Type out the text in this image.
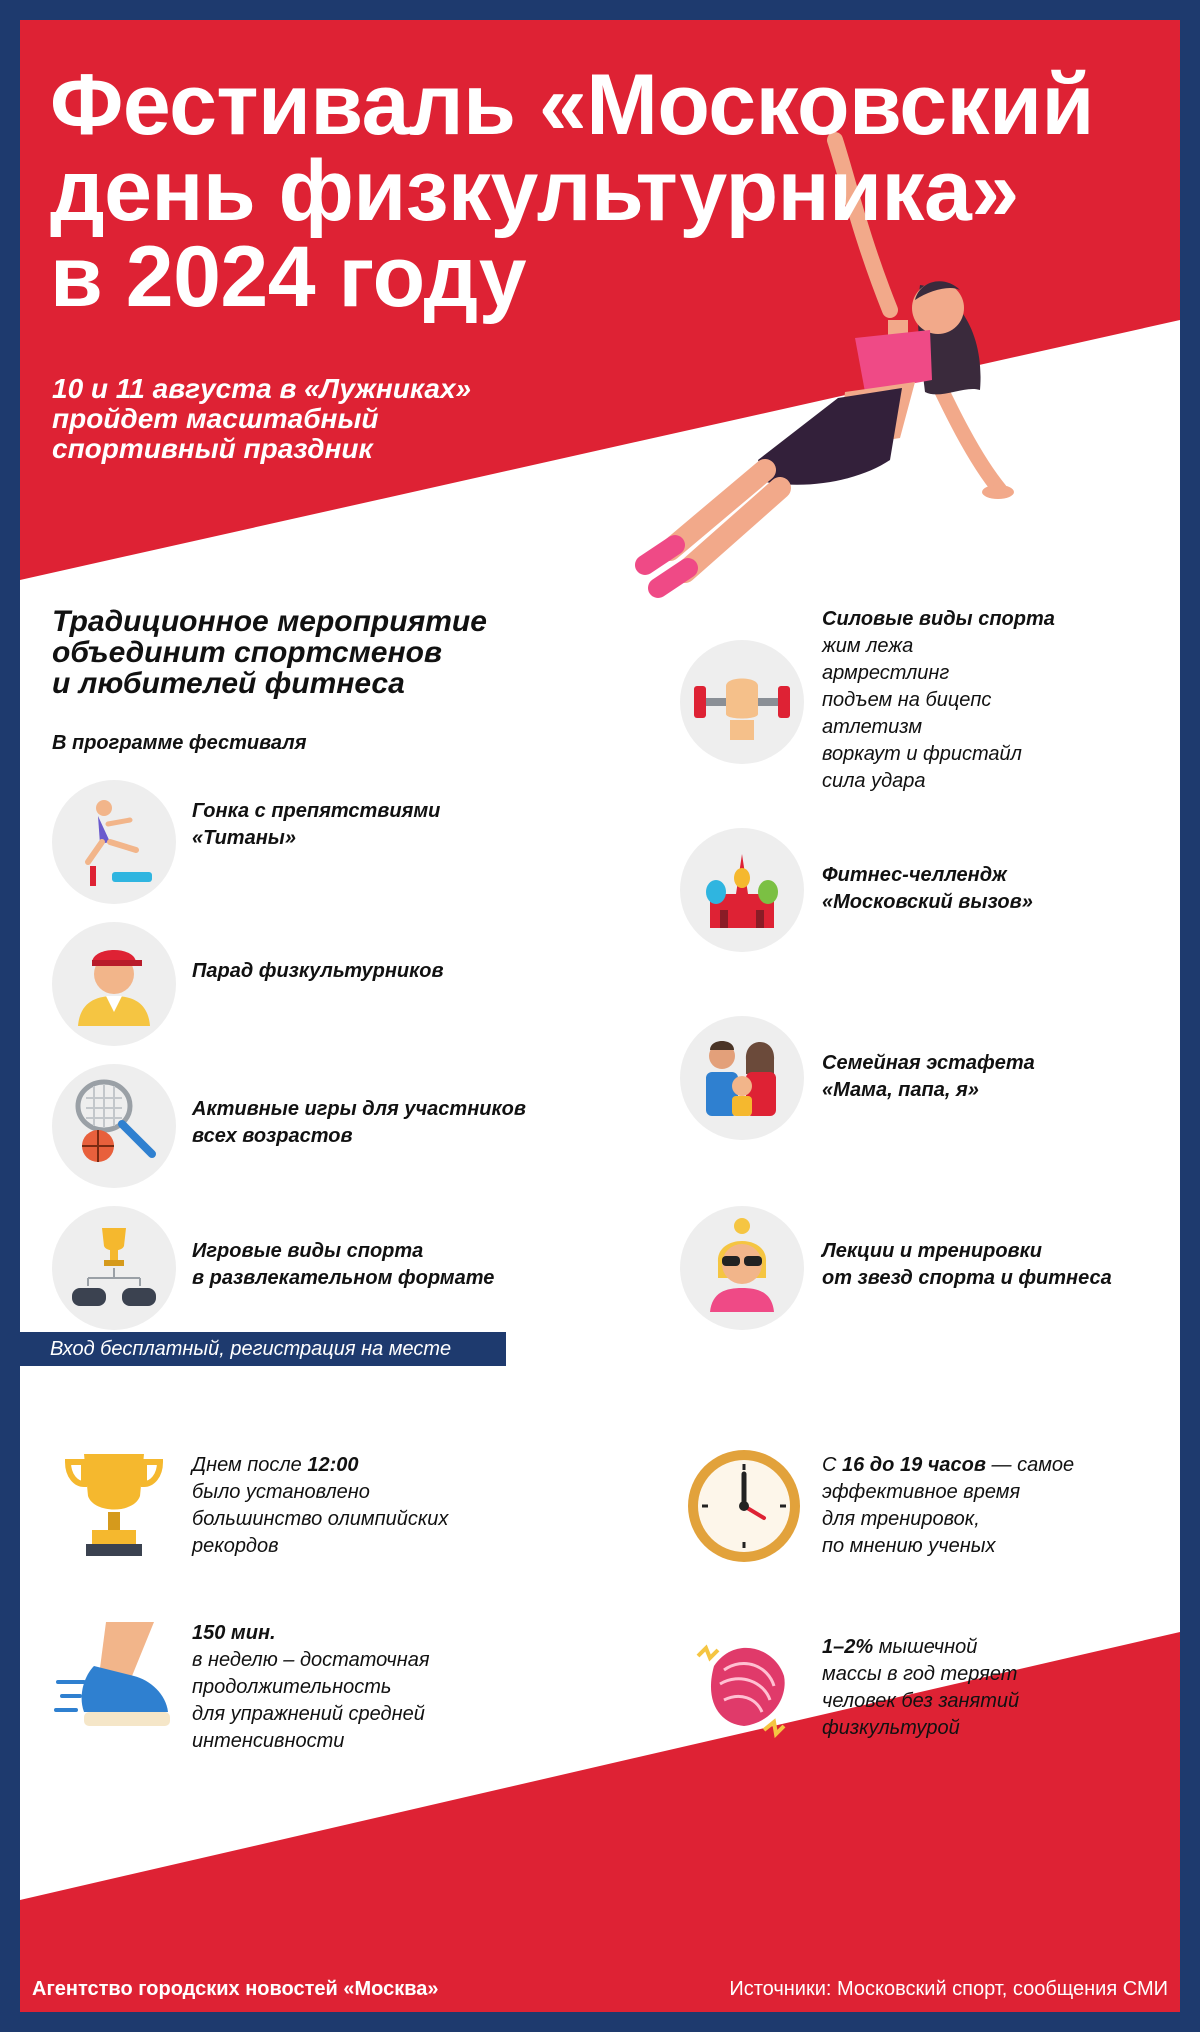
Фестиваль «Московский
день физкультурника»
в 2024 году
10 и 11 августа в «Лужниках»
пройдет масштабный
спортивный праздник
Традиционное мероприятие
объединит спортсменов
и любителей фитнеса
В программе фестиваля
Гонка с препятствиями
«Титаны»
Парад физкультурников
Активные игры для участников
всех возрастов
Игровые виды спорта
в развлекательном формате
Силовые виды спорта
жим лежа
армрестлинг
подъем на бицепс
атлетизм
воркаут и фристайл
сила удара
Фитнес-челлендж
«Московский вызов»
Семейная эстафета
«Мама, папа, я»
Лекции и тренировки
от звезд спорта и фитнеса
Вход бесплатный, регистрация на месте
Днем после 12:00
было установлено
большинство олимпийских
рекордов
С 16 до 19 часов — самое
эффективное время
для тренировок,
по мнению ученых
150 мин.
в неделю – достаточная
продолжительность
для упражнений средней
интенсивности
1–2% мышечной
массы в год теряет
человек без занятий
физкультурой
Агентство городских новостей «Москва»	Источники: Московский спорт, сообщения СМИ
